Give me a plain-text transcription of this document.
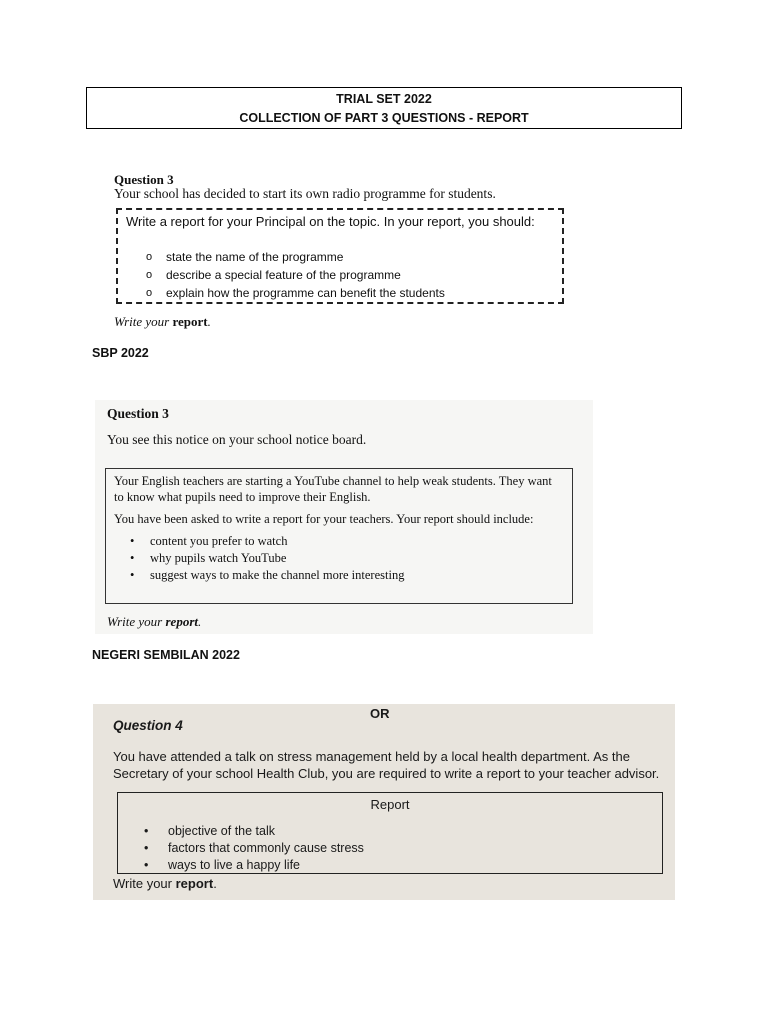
TRIAL SET 2022
COLLECTION OF PART 3 QUESTIONS - REPORT
Question 3
Your school has decided to start its own radio programme for students.
Write a report for your Principal on the topic. In your report, you should:
o state the name of the programme
o describe a special feature of the programme
o explain how the programme can benefit the students
Write your report.
SBP 2022
Question 3
You see this notice on your school notice board.

Your English teachers are starting a YouTube channel to help weak students. They want to know what pupils need to improve their English.

You have been asked to write a report for your teachers. Your report should include:

• content you prefer to watch
• why pupils watch YouTube
• suggest ways to make the channel more interesting
Write your report.
NEGERI SEMBILAN 2022
OR
Question 4
You have attended a talk on stress management held by a local health department. As the Secretary of your school Health Club, you are required to write a report to your teacher advisor.
Report
• objective of the talk
• factors that commonly cause stress
• ways to live a happy life
Write your report.
